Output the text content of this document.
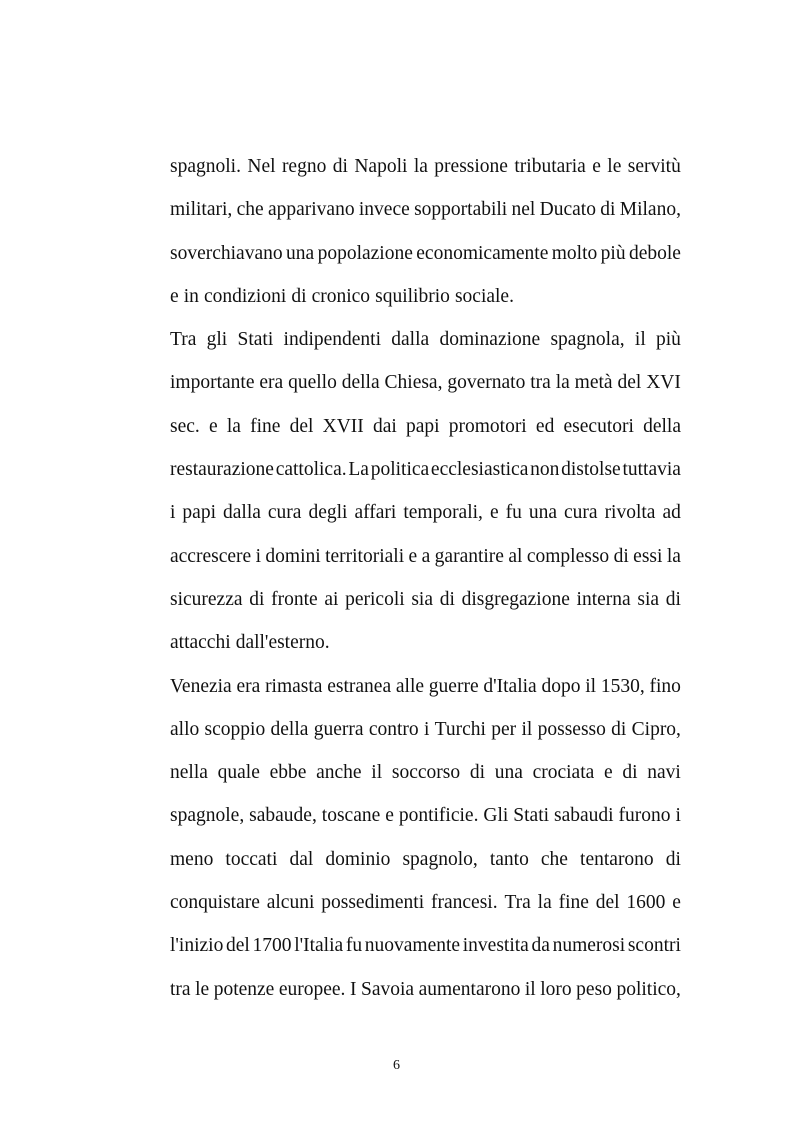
spagnoli. Nel regno di Napoli la pressione tributaria e le servitù
militari, che apparivano invece sopportabili nel Ducato di Milano,
soverchiavano una popolazione economicamente molto più debole
e in condizioni di cronico squilibrio sociale.
Tra gli Stati indipendenti dalla dominazione spagnola, il più
importante era quello della Chiesa, governato tra la metà del XVI
sec. e la fine del XVII dai papi promotori ed esecutori della
restaurazione cattolica. La politica ecclesiastica non distolse tuttavia
i papi dalla cura degli affari temporali, e fu una cura rivolta ad
accrescere i domini territoriali e a garantire al complesso di essi la
sicurezza di fronte ai pericoli sia di disgregazione interna sia di
attacchi dall'esterno.
Venezia era rimasta estranea alle guerre d'Italia dopo il 1530, fino
allo scoppio della guerra contro i Turchi per il possesso di Cipro,
nella quale ebbe anche il soccorso di una crociata e di navi
spagnole, sabaude, toscane e pontificie. Gli Stati sabaudi furono i
meno toccati dal dominio spagnolo, tanto che tentarono di
conquistare alcuni possedimenti francesi. Tra la fine del 1600 e
l'inizio del 1700 l'Italia fu nuovamente investita da numerosi scontri
tra le potenze europee. I Savoia aumentarono il loro peso politico,
6
